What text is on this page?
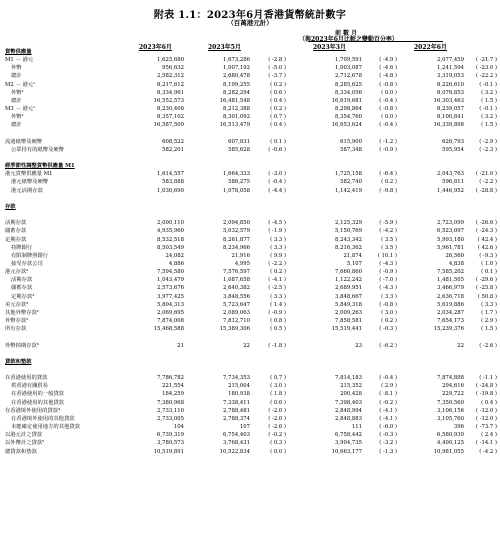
附表 1.1：2023年6月香港貨幣統計數字
（百萬港元計）
前 數 月
（與2023年6月比較之變動百分率）
2023年6月	2023年5月	2023年3月	2022年6月
貨幣供應量							
M1 － 港元	1,625,680	1,673,286	( -2.8 )	1,709,591	( -4.9 )	2,077,459	( -21.7 )
外幣	956,632	1,007,192	( -5.0 )	1,003,087	( -4.6 )	1,241,594	( -23.0 )
總計	2,582,312	2,680,478	( -3.7 )	2,712,678	( -4.8 )	3,319,053	( -22.2 )
M2 － 港元¹	8,217,612	8,199,255	( 0.2 )	8,285,625	( -0.8 )	8,226,610	( -0.1 )
外幣¹	8,334,961	8,282,294	( 0.6 )	8,334,056	( 0.0 )	8,076,853	( 3.2 )
總計	16,552,573	16,481,548	( 0.4 )	16,619,681	( -0.4 )	16,303,463	( 1.5 )
M3 － 港元¹	8,230,408	8,212,388	( 0.2 )	8,298,864	( -0.8 )	8,239,057	( -0.1 )
外幣¹	8,357,102	8,301,092	( 0.7 )	8,354,760	( 0.0 )	8,100,841	( 3.2 )
總計	16,587,509	16,513,479	( 0.4 )	16,653,624	( -0.4 )	16,339,898	( 1.5 )

流通紙幣及硬幣	608,522	607,831	( 0.1 )	615,900	( -1.2 )	626,793	( -2.9 )
公眾持有的紙幣及硬幣	582,201	585,628	( -0.6 )	587,348	( -0.9 )	595,954	( -2.3 )

經季節性調整貨幣供應量 M1							
港元貨幣供應量 M1	1,614,557	1,664,333	( -3.0 )	1,725,158	( -6.4 )	2,043,763	( -21.0 )
港元紙幣及硬幣	583,888	586,275	( -0.4 )	582,740	( 0.2 )	596,811	( -2.2 )
港元活期存款	1,030,690	1,078,058	( -4.4 )	1,142,419	( -9.8 )	1,446,952	( -28.8 )

存款							

活期存款	2,000,110	2,094,850	( -4.5 )	2,125,329	( -5.9 )	2,723,099	( -26.6 )
儲蓄存款	4,935,960	5,032,579	( -1.9 )	5,150,769	( -4.2 )	6,523,097	( -24.3 )
定期存款	8,532,518	8,261,877	( 3.3 )	8,243,342	( 3.5 )	5,993,180	( 42.4 )
持牌銀行	8,503,549	8,234,966	( 3.3 )	8,216,362	( 3.5 )	5,961,781	( 42.6 )
有限制牌照銀行	24,082	21,916	( 9.9 )	21,874	( 10.1 )	26,560	( -9.3 )
接受存款公司	4,886	4,995	( -2.2 )	5,107	( -4.3 )	4,838	( 1.0 )
港元存款²	7,594,580	7,576,597	( 0.2 )	7,660,860	( -0.9 )	7,585,202	( 0.1 )
活期存款	1,043,479	1,087,658	( -4.1 )	1,122,242	( -7.0 )	1,481,505	( -29.6 )
儲蓄存款	2,573,676	2,640,382	( -2.5 )	2,689,951	( -4.3 )	3,466,979	( -25.8 )
定期存款²	3,977,425	3,848,556	( 3.3 )	3,848,667	( 3.3 )	2,636,718	( 50.8 )
美元存款²	5,804,313	5,723,647	( 1.4 )	5,849,318	( -0.8 )	5,619,886	( 3.3 )
其他外幣存款²	2,069,695	2,089,063	( -0.9 )	2,009,263	( 3.0 )	2,034,287	( 1.7 )
外幣存款²	7,874,008	7,812,710	( 0.8 )	7,858,581	( 0.2 )	7,654,173	( 2.9 )
所有存款	15,468,588	15,389,306	( 0.5 )	15,519,441	( -0.3 )	15,239,376	( 1.5 )

外幣掉期存款³	21	22	( -1.8 )	23	( -6.2 )	22	( -2.6 )

貸款和墊款							

在香港使用的貸款	7,786,782	7,734,353	( 0.7 )	7,814,183	( -0.4 )	7,874,898	( -1.1 )
供香港有關貿易	221,554	215,004	( 3.0 )	215,352	( 2.9 )	294,616	( -24.8 )
在香港使用的一般貸款	184,259	180,938	( 1.8 )	200,428	( -8.1 )	229,722	( -19.8 )
在香港使用的其他貸款	7,380,968	7,338,411	( 0.6 )	7,398,403	( -0.2 )	7,350,560	( 0.4 )
在香港境外使用的貸款⁴	2,733,110	2,788,481	( -2.0 )	2,848,994	( -4.1 )	3,106,156	( -12.0 )
在香港境外使用的其他貸款	2,733,005	2,788,374	( -2.0 )	2,848,883	( -4.1 )	3,105,760	( -12.0 )
未能確定使用地方的其他貸款	104	107	( -2.6 )	111	( -6.0 )	396	( -73.7 )
以港元計之貸款	6,739,319	6,754,403	( -0.2 )	6,758,442	( -0.3 )	6,580,930	( 2.4 )
以外幣計之貸款⁵	3,780,573	3,768,431	( 0.3 )	3,904,735	( -3.2 )	4,400,125	( -14.1 )
總貸款和墊款	10,519,891	10,522,834	( 0.0 )	10,663,177	( -1.3 )	10,981,055	( -4.2 )
